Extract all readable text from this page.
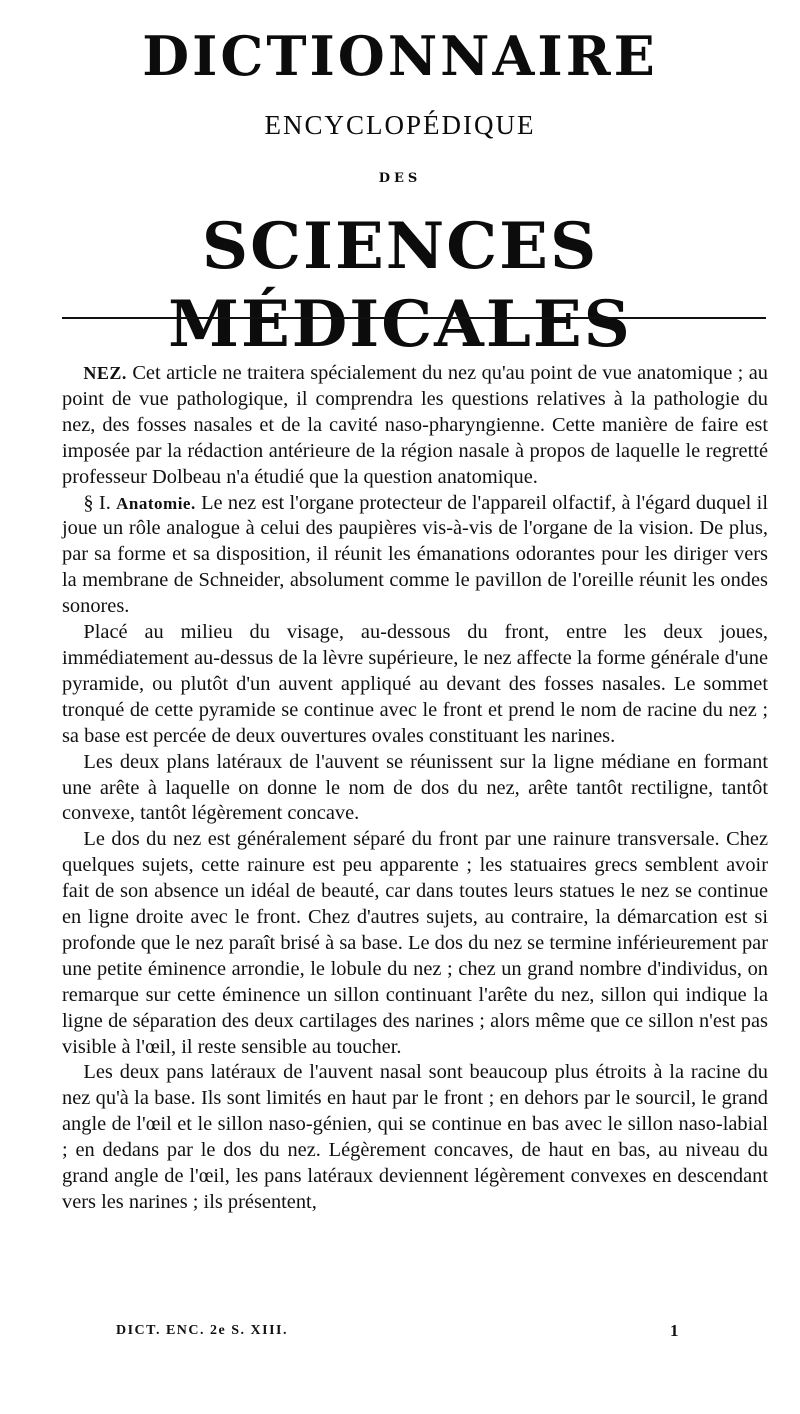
DICTIONNAIRE
ENCYCLOPÉDIQUE
DES
SCIENCES MÉDICALES

NEZ. Cet article ne traitera spécialement du nez qu'au point de vue anatomique ; au point de vue pathologique, il comprendra les questions relatives à la pathologie du nez, des fosses nasales et de la cavité naso-pharyngienne. Cette manière de faire est imposée par la rédaction antérieure de la région nasale à propos de laquelle le regretté professeur Dolbeau n'a étudié que la question anatomique.

§ I. Anatomie. Le nez est l'organe protecteur de l'appareil olfactif, à l'égard duquel il joue un rôle analogue à celui des paupières vis-à-vis de l'organe de la vision. De plus, par sa forme et sa disposition, il réunit les émanations odorantes pour les diriger vers la membrane de Schneider, absolument comme le pavillon de l'oreille réunit les ondes sonores.

Placé au milieu du visage, au-dessous du front, entre les deux joues, immédiatement au-dessus de la lèvre supérieure, le nez affecte la forme générale d'une pyramide, ou plutôt d'un auvent appliqué au devant des fosses nasales. Le sommet tronqué de cette pyramide se continue avec le front et prend le nom de racine du nez ; sa base est percée de deux ouvertures ovales constituant les narines.

Les deux plans latéraux de l'auvent se réunissent sur la ligne médiane en formant une arête à laquelle on donne le nom de dos du nez, arête tantôt rectiligne, tantôt convexe, tantôt légèrement concave.

Le dos du nez est généralement séparé du front par une rainure transversale. Chez quelques sujets, cette rainure est peu apparente ; les statuaires grecs semblent avoir fait de son absence un idéal de beauté, car dans toutes leurs statues le nez se continue en ligne droite avec le front. Chez d'autres sujets, au contraire, la démarcation est si profonde que le nez paraît brisé à sa base. Le dos du nez se termine inférieurement par une petite éminence arrondie, le lobule du nez ; chez un grand nombre d'individus, on remarque sur cette éminence un sillon continuant l'arête du nez, sillon qui indique la ligne de séparation des deux cartilages des narines ; alors même que ce sillon n'est pas visible à l'œil, il reste sensible au toucher.

Les deux pans latéraux de l'auvent nasal sont beaucoup plus étroits à la racine du nez qu'à la base. Ils sont limités en haut par le front ; en dehors par le sourcil, le grand angle de l'œil et le sillon naso-génien, qui se continue en bas avec le sillon naso-labial ; en dedans par le dos du nez. Légèrement concaves, de haut en bas, au niveau du grand angle de l'œil, les pans latéraux deviennent légèrement convexes en descendant vers les narines ; ils présentent,

DICT. ENC. 2e S. XIII.	1
